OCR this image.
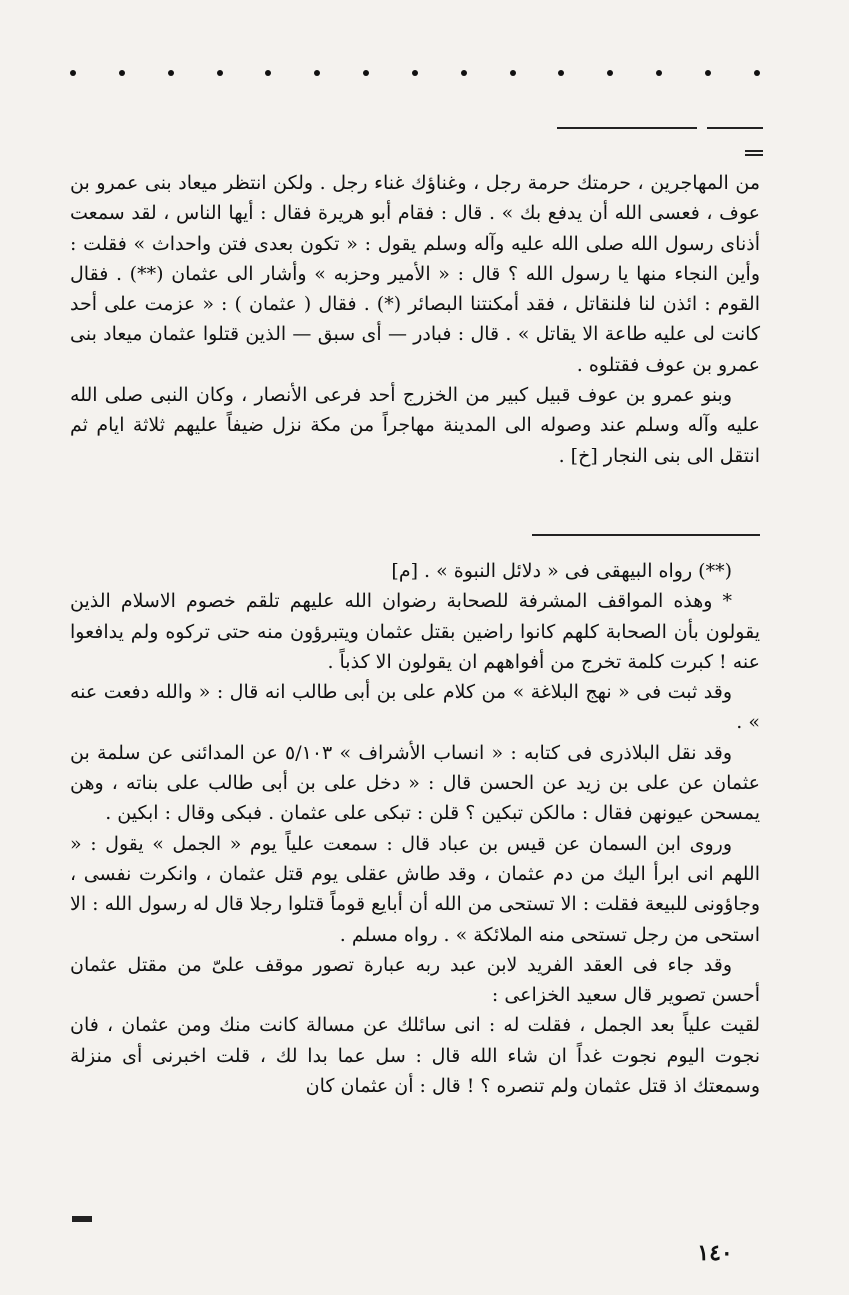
من المهاجرين ، حرمتك حرمة رجل ، وغناؤك غناء رجل . ولكن انتظر ميعاد بنى عمرو بن عوف ، فعسى الله أن يدفع بك » . قال : فقام أبو هريرة فقال : أيها الناس ، لقد سمعت أذناى رسول الله صلى الله عليه وآله وسلم يقول : « تكون بعدى فتن واحداث » فقلت : وأين النجاء منها يا رسول الله ؟ قال : « الأمير وحزبه » وأشار الى عثمان (**) . فقال القوم : ائذن لنا فلنقاتل ، فقد أمكنتنا البصائر (*) . فقال ( عثمان ) : « عزمت على أحد كانت لى عليه طاعة الا يقاتل » . قال : فبادر — أى سبق — الذين قتلوا عثمان ميعاد بنى عمرو بن عوف فقتلوه .

وبنو عمرو بن عوف قبيل كبير من الخزرج أحد فرعى الأنصار ، وكان النبى صلى الله عليه وآله وسلم عند وصوله الى المدينة مهاجراً من مكة نزل ضيفاً عليهم ثلاثة ايام ثم انتقل الى بنى النجار [خ] .

(**) رواه البيهقى فى « دلائل النبوة » . [م]

* وهذه المواقف المشرفة للصحابة رضوان الله عليهم تلقم خصوم الاسلام الذين يقولون بأن الصحابة كلهم كانوا راضين بقتل عثمان ويتبرؤون منه حتى تركوه ولم يدافعوا عنه ! كبرت كلمة تخرج من أفواههم ان يقولون الا كذباً .

وقد ثبت فى « نهج البلاغة » من كلام على بن أبى طالب انه قال : « والله دفعت عنه » .

وقد نقل البلاذرى فى كتابه : « انساب الأشراف » ٥/١٠٣ عن المدائنى عن سلمة بن عثمان عن على بن زيد عن الحسن قال : « دخل على بن أبى طالب على بناته ، وهن يمسحن عيونهن فقال : مالكن تبكين ؟ قلن : تبكى على عثمان . فبكى وقال : ابكين .

وروى ابن السمان عن قيس بن عباد قال : سمعت علياً يوم « الجمل » يقول : « اللهم انى ابرأ اليك من دم عثمان ، وقد طاش عقلى يوم قتل عثمان ، وانكرت نفسى ، وجاؤونى للبيعة فقلت : الا تستحى من الله أن أبايع قوماً قتلوا رجلا قال له رسول الله : الا استحى من رجل تستحى منه الملائكة » . رواه مسلم .

وقد جاء فى العقد الفريد لابن عبد ربه عبارة تصور موقف علىّ من مقتل عثمان أحسن تصوير قال سعيد الخزاعى :

لقيت علياً بعد الجمل ، فقلت له : انى سائلك عن مسالة كانت منك ومن عثمان ، فان نجوت اليوم نجوت غداً ان شاء الله قال : سل عما بدا لك ، قلت اخبرنى أى منزلة وسمعتك اذ قتل عثمان ولم تنصره ؟ ! قال : أن عثمان كان

١٤٠
